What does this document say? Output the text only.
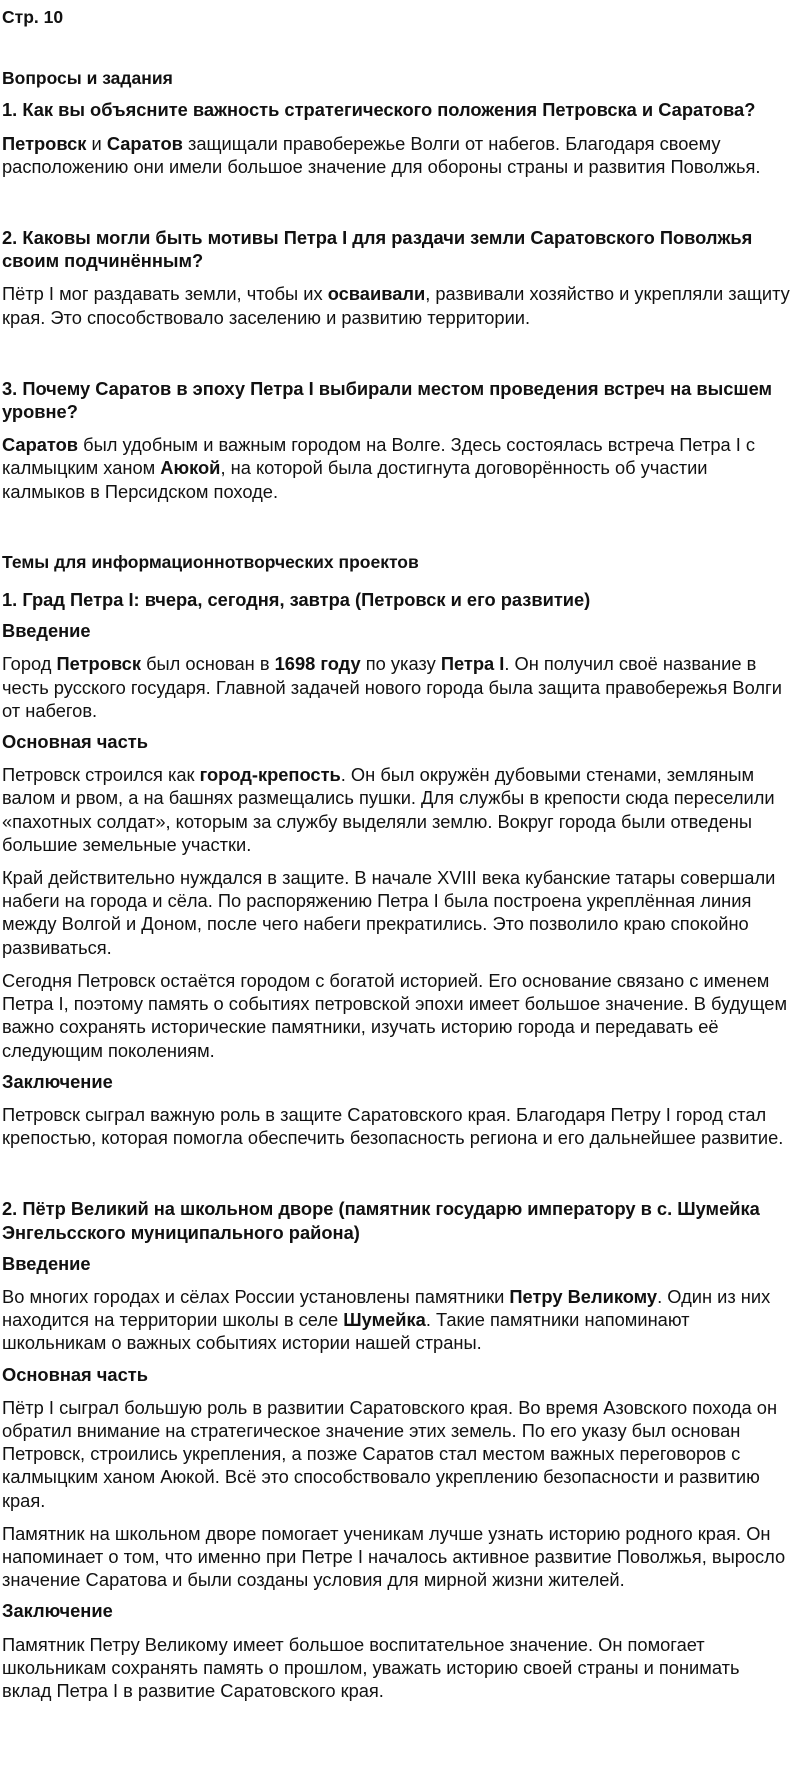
Стр. 10

Вопросы и задания

1. Как вы объясните важность стратегического положения Петровска и Саратова?

Петровск и Саратов защищали правобережье Волги от набегов. Благодаря своему расположению они имели большое значение для обороны страны и развития Поволжья.

2. Каковы могли быть мотивы Петра I для раздачи земли Саратовского Поволжья своим подчинённым?

Пётр I мог раздавать земли, чтобы их осваивали, развивали хозяйство и укрепляли защиту края. Это способствовало заселению и развитию территории.

3. Почему Саратов в эпоху Петра I выбирали местом проведения встреч на высшем уровне?

Саратов был удобным и важным городом на Волге. Здесь состоялась встреча Петра I с калмыцким ханом Аюкой, на которой была достигнута договорённость об участии калмыков в Персидском походе.

Темы для информационнотворческих проектов

1. Град Петра I: вчера, сегодня, завтра (Петровск и его развитие)

Введение

Город Петровск был основан в 1698 году по указу Петра I. Он получил своё название в честь русского государя. Главной задачей нового города была защита правобережья Волги от набегов.

Основная часть

Петровск строился как город-крепость. Он был окружён дубовыми стенами, земляным валом и рвом, а на башнях размещались пушки. Для службы в крепости сюда переселили «пахотных солдат», которым за службу выделяли землю. Вокруг города были отведены большие земельные участки.

Край действительно нуждался в защите. В начале XVIII века кубанские татары совершали набеги на города и сёла. По распоряжению Петра I была построена укреплённая линия между Волгой и Доном, после чего набеги прекратились. Это позволило краю спокойно развиваться.

Сегодня Петровск остаётся городом с богатой историей. Его основание связано с именем Петра I, поэтому память о событиях петровской эпохи имеет большое значение. В будущем важно сохранять исторические памятники, изучать историю города и передавать её следующим поколениям.

Заключение

Петровск сыграл важную роль в защите Саратовского края. Благодаря Петру I город стал крепостью, которая помогла обеспечить безопасность региона и его дальнейшее развитие.

2. Пётр Великий на школьном дворе (памятник государю императору в с. Шумейка Энгельсского муниципального района)

Введение

Во многих городах и сёлах России установлены памятники Петру Великому. Один из них находится на территории школы в селе Шумейка. Такие памятники напоминают школьникам о важных событиях истории нашей страны.

Основная часть

Пётр I сыграл большую роль в развитии Саратовского края. Во время Азовского похода он обратил внимание на стратегическое значение этих земель. По его указу был основан Петровск, строились укрепления, а позже Саратов стал местом важных переговоров с калмыцким ханом Аюкой. Всё это способствовало укреплению безопасности и развитию края.

Памятник на школьном дворе помогает ученикам лучше узнать историю родного края. Он напоминает о том, что именно при Петре I началось активное развитие Поволжья, выросло значение Саратова и были созданы условия для мирной жизни жителей.

Заключение

Памятник Петру Великому имеет большое воспитательное значение. Он помогает школьникам сохранять память о прошлом, уважать историю своей страны и понимать вклад Петра I в развитие Саратовского края.
